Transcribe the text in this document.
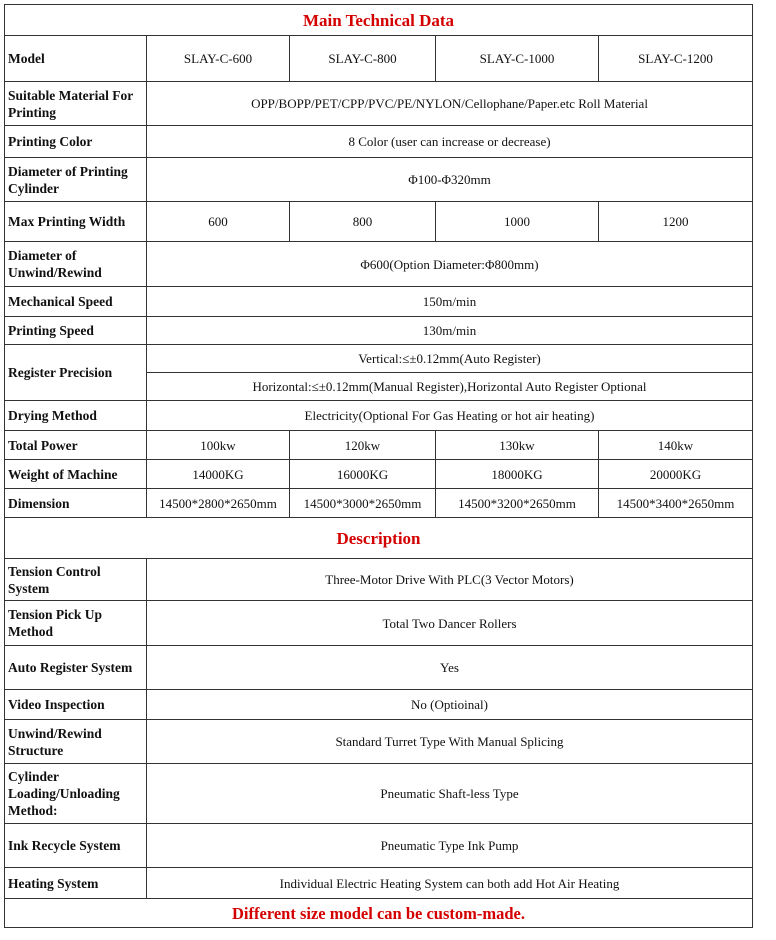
Main Technical Data				
Model	SLAY-C-600	SLAY-C-800	SLAY-C-1000	SLAY-C-1200
Suitable Material For Printing	OPP/BOPP/PET/CPP/PVC/PE/NYLON/Cellophane/Paper.etc Roll Material			
Printing Color	8 Color (user can increase or decrease)			
Diameter of Printing Cylinder	Φ100-Φ320mm			
Max Printing Width	600	800	1000	1200
Diameter of Unwind/Rewind	Φ600(Option Diameter:Φ800mm)			
Mechanical Speed	150m/min			
Printing Speed	130m/min			
Register Precision	Vertical:≤±0.12mm(Auto Register)			
	Horizontal:≤±0.12mm(Manual Register),Horizontal Auto Register Optional			
Drying Method	Electricity(Optional For Gas Heating or hot air heating)			
Total Power	100kw	120kw	130kw	140kw
Weight of Machine	14000KG	16000KG	18000KG	20000KG
Dimension	14500*2800*2650mm	14500*3000*2650mm	14500*3200*2650mm	14500*3400*2650mm
Description				
Tension Control System	Three-Motor Drive With PLC(3 Vector Motors)			
Tension Pick Up Method	Total Two Dancer Rollers			
Auto Register System	Yes			
Video Inspection	No (Optioinal)			
Unwind/Rewind Structure	Standard Turret Type With Manual Splicing			
Cylinder Loading/Unloading Method:	Pneumatic Shaft-less Type			
Ink Recycle System	Pneumatic Type Ink Pump			
Heating System	Individual Electric Heating System can both add Hot Air Heating			
Different size model can be custom-made.				
